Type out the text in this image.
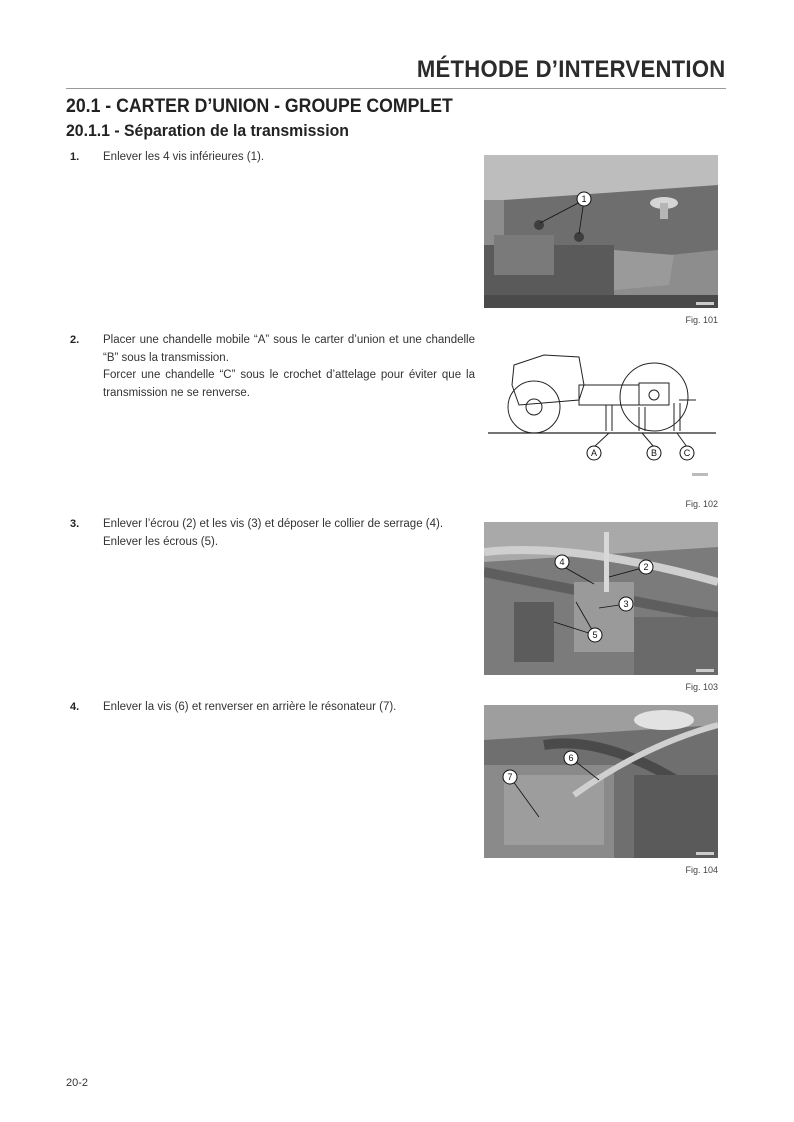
MÉTHODE D’INTERVENTION
20.1 - CARTER D’UNION - GROUPE COMPLET
20.1.1 - Séparation de la transmission
1. Enlever les 4 vis inférieures (1).

2. Placer une chandelle mobile “A” sous le carter d’union et une chandelle “B” sous la transmission.

Forcer une chandelle “C” sous le crochet d’attelage pour éviter que la transmission ne se renverse.

3. Enlever l’écrou (2) et les vis (3) et déposer le collier de serrage (4).

Enlever les écrous (5).

4. Enlever la vis (6) et renverser en arrière le résonateur (7).

1
Fig. 101
A	B	C
Fig. 102
4	2
3
5
Fig. 103
6
7
Fig. 104
20-2
